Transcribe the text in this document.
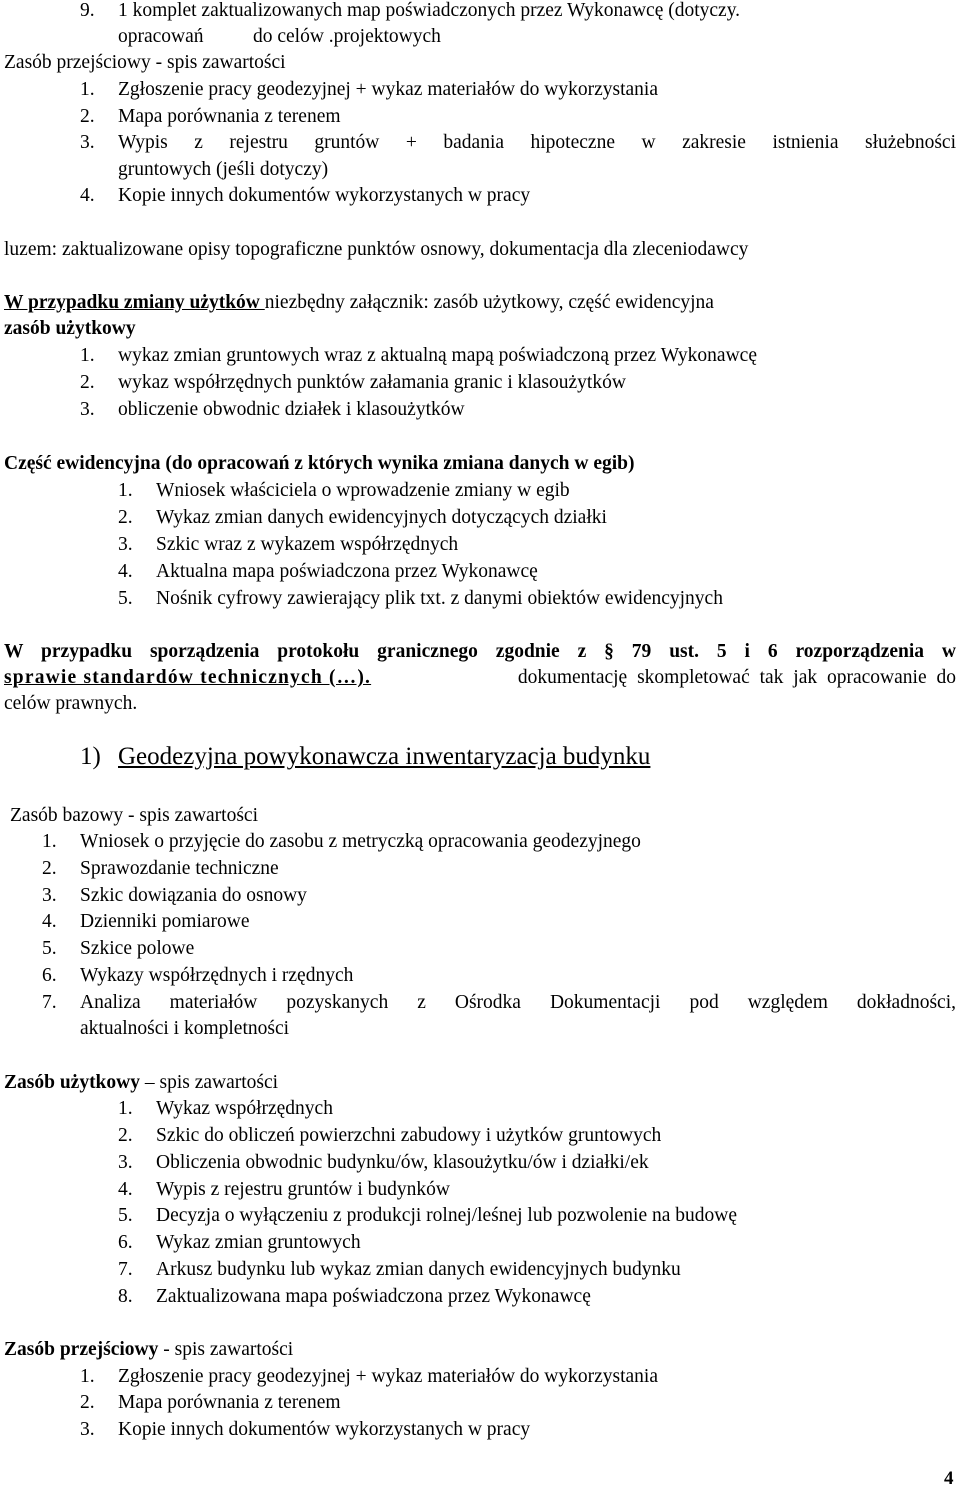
9. 1 komplet zaktualizowanych map poświadczonych przez Wykonawcę (dotyczy.
opracowań	do celów .projektowych
Zasób przejściowy - spis zawartości
1. Zgłoszenie pracy geodezyjnej + wykaz materiałów do wykorzystania
2. Mapa porównania z terenem
3. Wypis z rejestru gruntów + badania hipoteczne w zakresie istnienia służebności
gruntowych (jeśli dotyczy)
4. Kopie innych dokumentów wykorzystanych w pracy
luzem: zaktualizowane opisy topograficzne punktów osnowy, dokumentacja dla zleceniodawcy
W przypadku zmiany użytków niezbędny załącznik: zasób użytkowy, część ewidencyjna
zasób użytkowy
1. wykaz zmian gruntowych wraz z aktualną mapą poświadczoną przez Wykonawcę
2. wykaz współrzędnych punktów załamania granic i klasoużytków
3. obliczenie obwodnic działek i klasoużytków
Część ewidencyjna (do opracowań z których wynika zmiana danych w egib)
1. Wniosek właściciela o wprowadzenie zmiany w egib
2. Wykaz zmian danych ewidencyjnych dotyczących działki
3. Szkic wraz z wykazem współrzędnych
4. Aktualna mapa poświadczona przez Wykonawcę
5. Nośnik cyfrowy zawierający plik txt. z danymi obiektów ewidencyjnych
W przypadku sporządzenia protokołu granicznego zgodnie z § 79 ust. 5 i 6 rozporządzenia w
sprawie standardów technicznych (…).	dokumentację skompletować tak jak opracowanie do
celów prawnych.
1) Geodezyjna powykonawcza inwentaryzacja budynku
Zasób bazowy - spis zawartości
1. Wniosek o przyjęcie do zasobu z metryczką opracowania geodezyjnego
2. Sprawozdanie techniczne
3. Szkic dowiązania do osnowy
4. Dzienniki pomiarowe
5. Szkice polowe
6. Wykazy współrzędnych i rzędnych
7. Analiza materiałów pozyskanych z Ośrodka Dokumentacji pod względem dokładności,
aktualności i kompletności
Zasób użytkowy – spis zawartości
1. Wykaz współrzędnych
2. Szkic do obliczeń powierzchni zabudowy i użytków gruntowych
3. Obliczenia obwodnic budynku/ów, klasoużytku/ów i działki/ek
4. Wypis z rejestru gruntów i budynków
5. Decyzja o wyłączeniu z produkcji rolnej/leśnej lub pozwolenie na budowę
6. Wykaz zmian gruntowych
7. Arkusz budynku lub wykaz zmian danych ewidencyjnych budynku
8. Zaktualizowana mapa poświadczona przez Wykonawcę
Zasób przejściowy - spis zawartości
1. Zgłoszenie pracy geodezyjnej + wykaz materiałów do wykorzystania
2. Mapa porównania z terenem
3. Kopie innych dokumentów wykorzystanych w pracy
4
